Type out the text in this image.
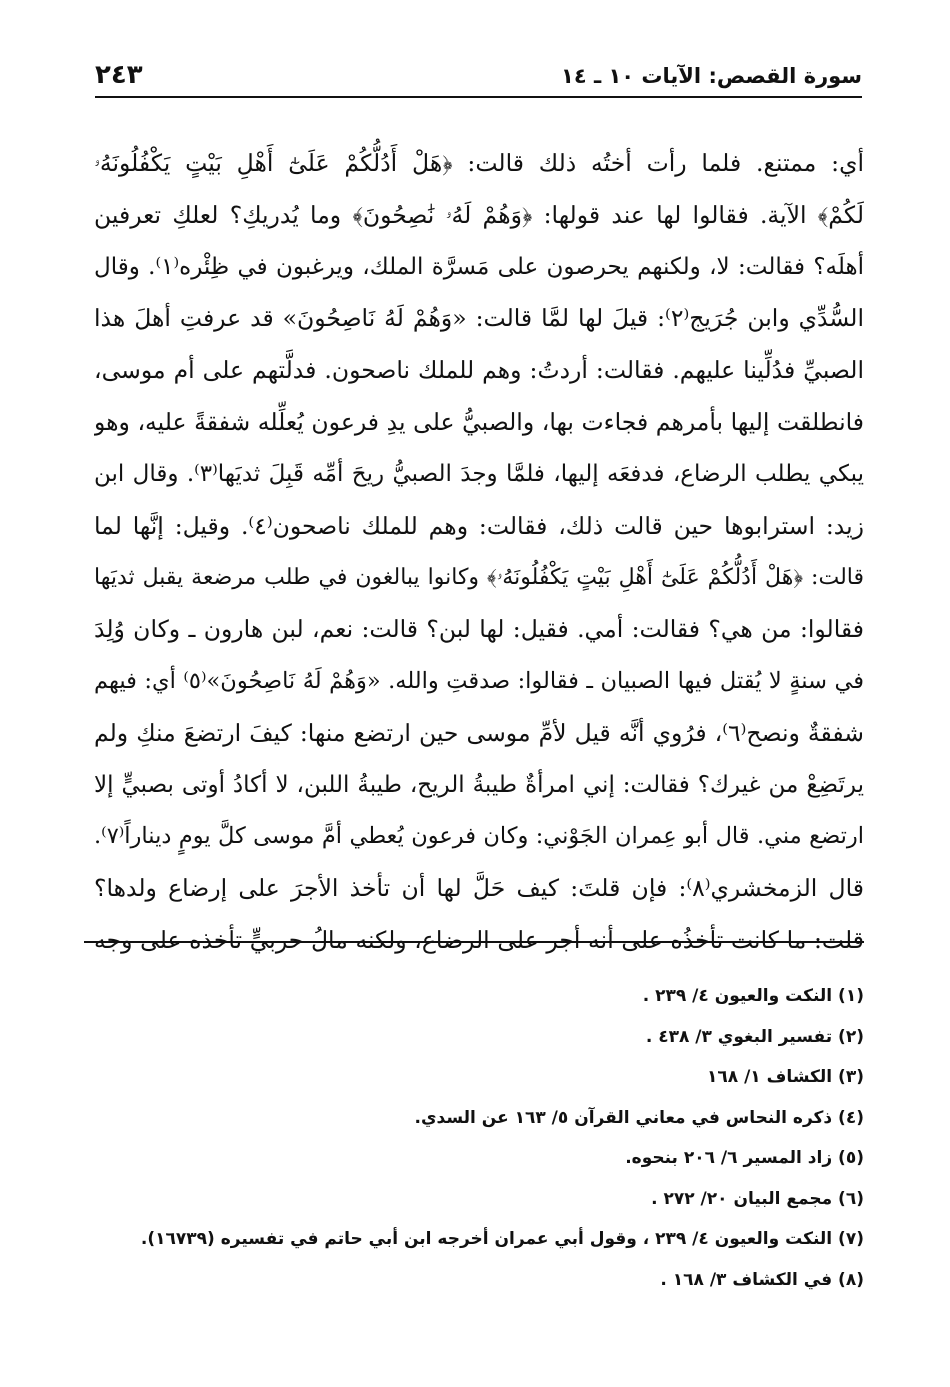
سورة القصص: الآيات ١٠ ـ ١٤
٢٤٣
أي: ممتنع. فلما رأت أختُه ذلك قالت: ﴿هَلْ أَدُلُّكُمْ عَلَىٰٓ أَهْلِ بَيْتٍ يَكْفُلُونَهُۥ
لَكُمْ﴾ الآية. فقالوا لها عند قولها: ﴿وَهُمْ لَهُۥ نَٰصِحُونَ﴾ وما يُدريكِ؟ لعلكِ تعرفين
أهلَه؟ فقالت: لا، ولكنهم يحرصون على مَسرَّة الملك، ويرغبون في ظِئْره⁽١⁾. وقال
السُّدِّي وابن جُرَيج⁽٢⁾: قيلَ لها لمَّا قالت: «وَهُمْ لَهُ نَاصِحُونَ» قد عرفتِ أهلَ هذا
الصبيِّ فدُلِّينا عليهم. فقالت: أردتُ: وهم للملك ناصحون. فدلَّتهم على أم موسى،
فانطلقت إليها بأمرهم فجاءت بها، والصبيُّ على يدِ فرعون يُعلِّله شفقةً عليه، وهو
يبكي يطلب الرضاع، فدفعَه إليها، فلمَّا وجدَ الصبيُّ ريحَ أمِّه قَبِلَ ثديَها⁽٣⁾. وقال ابن
زيد: استرابوها حين قالت ذلك، فقالت: وهم للملك ناصحون⁽٤⁾. وقيل: إنَّها لما
قالت: ﴿هَلْ أَدُلُّكُمْ عَلَىٰٓ أَهْلِ بَيْتٍ يَكْفُلُونَهُۥ﴾ وكانوا يبالغون في طلب مرضعة يقبل ثديَها
فقالوا: من هي؟ فقالت: أمي. فقيل: لها لبن؟ قالت: نعم، لبن هارون ـ وكان وُلِدَ
في سنةٍ لا يُقتل فيها الصبيان ـ فقالوا: صدقتِ والله. «وَهُمْ لَهُ نَاصِحُونَ»⁽٥⁾ أي: فيهم
شفقةٌ ونصح⁽٦⁾، فرُوي أنَّه قيل لأمِّ موسى حين ارتضع منها: كيفَ ارتضعَ منكِ ولم
يرتَضِعْ من غيرك؟ فقالت: إني امرأةٌ طيبةُ الريح، طيبةُ اللبن، لا أكادُ أوتى بصبيٍّ إلا
ارتضع مني. قال أبو عِمران الجَوْني: وكان فرعون يُعطي أمَّ موسى كلَّ يومٍ ديناراً⁽٧⁾.
قال الزمخشري⁽٨⁾: فإن قلتَ: كيف حَلَّ لها أن تأخذ الأجرَ على إرضاع ولدها؟
قلت: ما كانت تأخذُه على أنه أجر على الرضاع، ولكنه مالُ حربيٍّ تأخذه على وجه
(١) النكت والعيون ٤/ ٢٣٩ .
(٢) تفسير البغوي ٣/ ٤٣٨ .
(٣) الكشاف ١/ ١٦٨
(٤) ذكره النحاس في معاني القرآن ٥/ ١٦٣ عن السدي.
(٥) زاد المسير ٦/ ٢٠٦ بنحوه.
(٦) مجمع البيان ٢٠/ ٢٧٢ .
(٧) النكت والعيون ٤/ ٢٣٩ ، وقول أبي عمران أخرجه ابن أبي حاتم في تفسيره (١٦٧٣٩).
(٨) في الكشاف ٣/ ١٦٨ .
